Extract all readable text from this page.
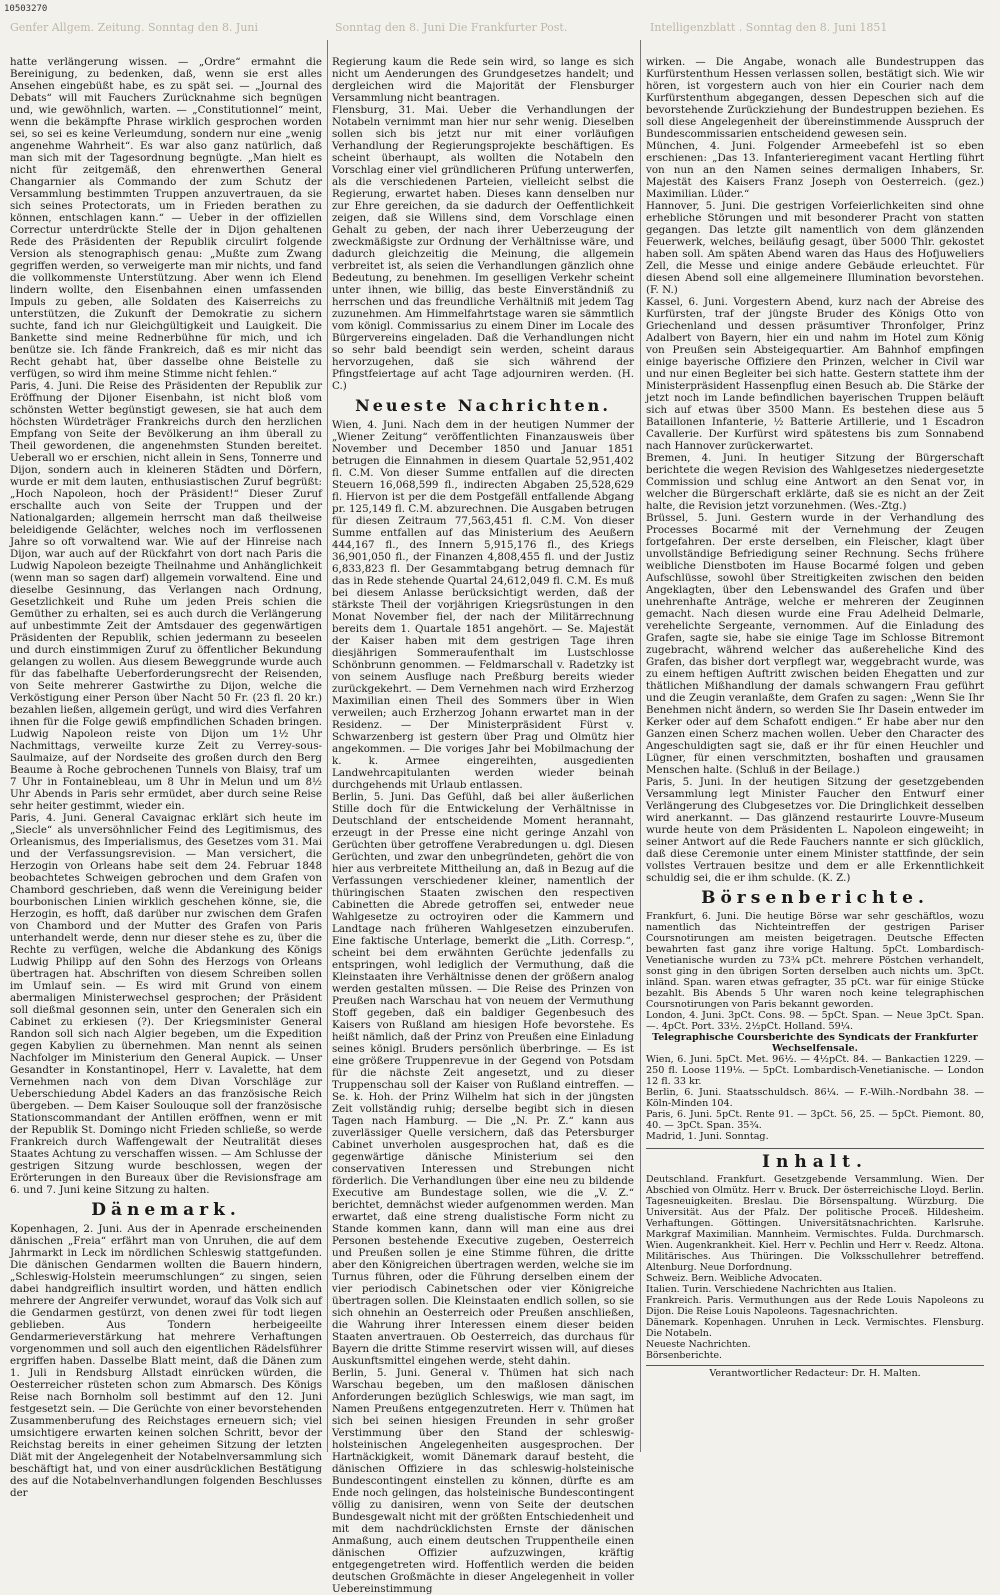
10503270
Genfer Allgem. Zeitung. Sonntag den 8. Juni	Sonntag den 8. Juni Die Frankfurter Post.	Intelligenzblatt . Sonntag den 8. Juni 1851

hatte verlängerung wissen. — „Ordre“ ermahnt die Bereinigung, zu bedenken, daß, wenn sie erst alles Ansehen eingebüßt habe, es zu spät sei. — „Journal des Debats“ will mit Fauchers Zurücknahme sich begnügen und, wie gewöhnlich, warten. — „Constitutionnel“ meint, wenn die bekämpfte Phrase wirklich gesprochen worden sei, so sei es keine Verleumdung, sondern nur eine „wenig angenehme Wahrheit“. Es war also ganz natürlich, daß man sich mit der Tagesordnung begnügte. „Man hielt es nicht für zeitgemäß, den ehrenwerthen General Changarnier als Commando der zum Schutz der Versammlung bestimmten Truppen anzuvertrauen, da sie sich seines Protectorats, um in Frieden berathen zu können, entschlagen kann.“ — Ueber in der offiziellen Correctur unterdrückte Stelle der in Dijon gehaltenen Rede des Präsidenten der Republik circulirt folgende Version als stenographisch genau: „Mußte zum Zwang gegriffen werden, so verweigerte man mir nichts, und fand die vollkommenste Unterstützung. Aber wenn ich Elend lindern wollte, den Eisenbahnen einen umfassenden Impuls zu geben, alle Soldaten des Kaiserreichs zu unterstützen, die Zukunft der Demokratie zu sichern suchte, fand ich nur Gleichgültigkeit und Lauigkeit. Die Bankette sind meine Rednerbühne für mich, und ich benütze sie. Ich fände Frankreich, daß es mir nicht das Recht gehabt hat, über dasselbe ohne Beistelle zu verfügen, so wird ihm meine Stimme nicht fehlen.“

Paris, 4. Juni. Die Reise des Präsidenten der Republik zur Eröffnung der Dijoner Eisenbahn, ist nicht bloß vom schönsten Wetter begünstigt gewesen, sie hat auch dem höchsten Würdeträger Frankreichs durch den herzlichen Empfang von Seite der Bevölkerung an ihm überall zu Theil gewordenen, die angenehmsten Stunden bereitet. Ueberall wo er erschien, nicht allein in Sens, Tonnerre und Dijon, sondern auch in kleineren Städten und Dörfern, wurde er mit dem lauten, enthusiastischen Zuruf begrüßt: „Hoch Napoleon, hoch der Präsident!“ Dieser Zuruf erschallte auch von Seite der Truppen und der Nationalgarden; allgemein herrscht man daß theilweise beleidigende Gelächter, welches noch im verflossenen Jahre so oft vorwaltend war. Wie auf der Hinreise nach Dijon, war auch auf der Rückfahrt von dort nach Paris die Ludwig Napoleon bezeigte Theilnahme und Anhänglichkeit (wenn man so sagen darf) allgemein vorwaltend. Eine und dieselbe Gesinnung, das Verlangen nach Ordnung, Gesetzlichkeit und Ruhe um jeden Preis schien die Gemüther zu erhalten, sei es auch durch die Verlängerung auf unbestimmte Zeit der Amtsdauer des gegenwärtigen Präsidenten der Republik, schien jedermann zu beseelen und durch einstimmigen Zuruf zu öffentlicher Bekundung gelangen zu wollen. Aus diesem Beweggrunde wurde auch für das fabelhafte Ueberforderungsrecht der Reisenden, von Seite mehrerer Gastwirthe zu Dijon, welche die Verköstigung einer Person über Nacht 50 Fr. (23 fl. 20 kr.) bezahlen ließen, allgemein gerügt, und wird dies Verfahren ihnen für die Folge gewiß empfindlichen Schaden bringen. Ludwig Napoleon reiste von Dijon um 1½ Uhr Nachmittags, verweilte kurze Zeit zu Verrey-sous-Saulmaize, auf der Nordseite des großen durch den Berg Beaume à Roche gebrochenen Tunnels von Blaisy, traf um 7 Uhr in Fontainebleau, um 8 Uhr in Melun und um 8½ Uhr Abends in Paris sehr ermüdet, aber durch seine Reise sehr heiter gestimmt, wieder ein.

Paris, 4. Juni. General Cavaignac erklärt sich heute im „Siecle“ als unversöhnlicher Feind des Legitimismus, des Orleanismus, des Imperialismus, des Gesetzes vom 31. Mai und der Verfassungsrevision. — Man versichert, die Herzogin von Orleans habe seit dem 24. Februar 1848 beobachtetes Schweigen gebrochen und dem Grafen von Chambord geschrieben, daß wenn die Vereinigung beider bourbonischen Linien wirklich geschehen könne, sie, die Herzogin, es hofft, daß darüber nur zwischen dem Grafen von Chambord und der Mutter des Grafen von Paris unterhandelt werde, denn nur dieser stehe es zu, über die Rechte zu verfügen, welche die Abdankung des Königs Ludwig Philipp auf den Sohn des Herzogs von Orleans übertragen hat. Abschriften von diesem Schreiben sollen im Umlauf sein. — Es wird mit Grund von einem abermaligen Ministerwechsel gesprochen; der Präsident soll dießmal gesonnen sein, unter den Generalen sich ein Cabinet zu erkiesen (?). Der Kriegsminister General Randon soll sich nach Algier begeben, um die Expedition gegen Kabylien zu übernehmen. Man nennt als seinen Nachfolger im Ministerium den General Aupick. — Unser Gesandter in Konstantinopel, Herr v. Lavalette, hat dem Vernehmen nach von dem Divan Vorschläge zur Ueberschiedung Abdel Kaders an das französische Reich übergeben. — Dem Kaiser Soulouque soll der französische Stationscommandant der Antillen eröffnen, wenn er mit der Republik St. Domingo nicht Frieden schließe, so werde Frankreich durch Waffengewalt der Neutralität dieses Staates Achtung zu verschaffen wissen. — Am Schlusse der gestrigen Sitzung wurde beschlossen, wegen der Erörterungen in den Bureaux über die Revisionsfrage am 6. und 7. Juni keine Sitzung zu halten.

Dänemark.

Kopenhagen, 2. Juni. Aus der in Apenrade erscheinenden dänischen „Freia“ erfährt man von Unruhen, die auf dem Jahrmarkt in Leck im nördlichen Schleswig stattgefunden. Die dänischen Gendarmen wollten die Bauern hindern, „Schleswig-Holstein meerumschlungen“ zu singen, seien dabei handgreiflich insultirt worden, und hätten endlich mehrere der Angreifer verwundet, worauf das Volk sich auf die Gendarmen gestürzt, von denen zwei für todt liegen geblieben. Aus Tondern herbeigeeilte Gendarmerieverstärkung hat mehrere Verhaftungen vorgenommen und soll auch den eigentlichen Rädelsführer ergriffen haben. Dasselbe Blatt meint, daß die Dänen zum 1. Juli in Rendsburg Allstadt einrücken würden, die Oesterreicher rüsteten schon zum Abmarsch. Des Königs Reise nach Bornholm soll bestimmt auf den 12. Juni festgesetzt sein. — Die Gerüchte von einer bevorstehenden Zusammenberufung des Reichstages erneuern sich; viel umsichtigere erwarten keinen solchen Schritt, bevor der Reichstag bereits in einer geheimen Sitzung der letzten Diät mit der Angelegenheit der Notabelnversammlung sich beschäftigt hat, und von einer ausdrücklichen Bestätigung des auf die Notabelnverhandlungen folgenden Beschlusses der

Regierung kaum die Rede sein wird, so lange es sich nicht um Aenderungen des Grundgesetzes handelt; und dergleichen wird die Majorität der Flensburger Versammlung nicht beantragen.

Flensburg, 31. Mai. Ueber die Verhandlungen der Notabeln vernimmt man hier nur sehr wenig. Dieselben sollen sich bis jetzt nur mit einer vorläufigen Verhandlung der Regierungsprojekte beschäftigen. Es scheint überhaupt, als wollten die Notabeln den Vorschlag einer viel gründlicheren Prüfung unterwerfen, als die verschiedenen Parteien, vielleicht selbst die Regierung, erwartet haben. Dieses kann denselben nur zur Ehre gereichen, da sie dadurch der Oeffentlichkeit zeigen, daß sie Willens sind, dem Vorschlage einen Gehalt zu geben, der nach ihrer Ueberzeugung der zweckmäßigste zur Ordnung der Verhältnisse wäre, und dadurch gleichzeitig die Meinung, die allgemein verbreitet ist, als seien die Verhandlungen gänzlich ohne Bedeutung, zu benehmen. Im geselligen Verkehr scheint unter ihnen, wie billig, das beste Einverständniß zu herrschen und das freundliche Verhältniß mit jedem Tag zuzunehmen. Am Himmelfahrtstage waren sie sämmtlich vom königl. Commissarius zu einem Diner im Locale des Bürgervereins eingeladen. Daß die Verhandlungen nicht so sehr bald beendigt sein werden, scheint daraus hervorzugehen, daß sie sich während der Pfingstfeiertage auf acht Tage adjourniren werden. (H. C.)

Neueste Nachrichten.

Wien, 4. Juni. Nach dem in der heutigen Nummer der „Wiener Zeitung“ veröffentlichten Finanzausweis über November und December 1850 und Januar 1851 betrugen die Einnahmen in diesem Quartale 52,951,402 fl. C.M. Von dieser Summe entfallen auf die directen Steuern 16,068,599 fl., indirecten Abgaben 25,528,629 fl. Hiervon ist per die dem Postgefäll entfallende Abgang pr. 125,149 fl. C.M. abzurechnen. Die Ausgaben betrugen für diesen Zeitraum 77,563,451 fl. C.M. Von dieser Summe entfallen auf das Ministerium des Aeußern 444,167 fl., des Innern 5,915,176 fl., des Kriegs 36,901,050 fl., der Finanzen 4,808,455 fl. und der Justiz 6,833,823 fl. Der Gesammtabgang betrug demnach für das in Rede stehende Quartal 24,612,049 fl. C.M. Es muß bei diesem Anlasse berücksichtigt werden, daß der stärkste Theil der vorjährigen Kriegsrüstungen in den Monat November fiel, der nach der Militärrechnung bereits dem 1. Quartale 1851 angehört. — Se. Majestät der Kaiser haben mit dem gestrigen Tage ihren diesjährigen Sommeraufenthalt im Lustschlosse Schönbrunn genommen. — Feldmarschall v. Radetzky ist von seinem Ausfluge nach Preßburg bereits wieder zurückgekehrt. — Dem Vernehmen nach wird Erzherzog Maximilian einen Theil des Sommers über in Wien verweilen; auch Erzherzog Johann erwartet man in der Residenz. — Der Ministerpräsident Fürst v. Schwarzenberg ist gestern über Prag und Olmütz hier angekommen. — Die voriges Jahr bei Mobilmachung der k. k. Armee eingereihten, ausgedienten Landwehrcapitulanten werden wieder beinah durchgehends mit Urlaub entlassen.

Berlin, 5. Juni. Das Gefühl, daß bei aller äußerlichen Stille doch für die Entwickelung der Verhältnisse in Deutschland der entscheidende Moment herannaht, erzeugt in der Presse eine nicht geringe Anzahl von Gerüchten über getroffene Verabredungen u. dgl. Diesen Gerüchten, und zwar den unbegründeten, gehört die von hier aus verbreitete Mittheilung an, daß in Bezug auf die Verfassungen verschiedener kleiner, namentlich der thüringischen Staaten zwischen den respectiven Cabinetten die Abrede getroffen sei, entweder neue Wahlgesetze zu octroyiren oder die Kammern und Landtage nach früheren Wahlgesetzen einzuberufen. Eine faktische Unterlage, bemerkt die „Lith. Corresp.“, scheint bei dem erwähnten Gerüchte jedenfalls zu entspringen, wohl lediglich der Vermuthung, daß die Kleinstaaten ihre Verhältnisse denen der größern analog werden gestalten müssen. — Die Reise des Prinzen von Preußen nach Warschau hat von neuem der Vermuthung Stoff gegeben, daß ein baldiger Gegenbesuch des Kaisers von Rußland am hiesigen Hofe bevorstehe. Es heißt nämlich, daß der Prinz von Preußen eine Einladung seines königl. Bruders persönlich überbringe. — Es ist eine größere Truppenrevue in der Gegend von Potsdam für die nächste Zeit angesetzt, und zu dieser Truppenschau soll der Kaiser von Rußland eintreffen. — Se. k. Hoh. der Prinz Wilhelm hat sich in der jüngsten Zeit vollständig ruhig; derselbe begibt sich in diesen Tagen nach Hamburg. — Die „N. Pr. Z.“ kann aus zuverlässiger Quelle versichern, daß das Petersburger Cabinet unverholen ausgesprochen hat, daß es die gegenwärtige dänische Ministerium sei den conservativen Interessen und Strebungen nicht förderlich. Die Verhandlungen über eine neu zu bildende Executive am Bundestage sollen, wie die „V. Z.“ berichtet, demnächst wieder aufgenommen werden. Man erwartet, daß eine streng dualistische Form nicht zu Stande kommen kann, dann will man eine aus drei Personen bestehende Executive zugeben, Oesterreich und Preußen sollen je eine Stimme führen, die dritte aber den Königreichen übertragen werden, welche sie im Turnus führen, oder die Führung derselben einem der vier periodisch Cabinetschen oder vier Königreiche übertragen sollen. Die Kleinstaaten endlich sollen, so sie sich ohnehin an Oesterreich oder Preußen anschließen, die Wahrung ihrer Interessen einem dieser beiden Staaten anvertrauen. Ob Oesterreich, das durchaus für Bayern die dritte Stimme reservirt wissen will, auf dieses Auskunftsmittel eingehen werde, steht dahin.

Berlin, 5. Juni. General v. Thümen hat sich nach Warschau begeben, um den maßlosen dänischen Anforderungen bezüglich Schleswigs, wie man sagt, im Namen Preußens entgegenzutreten. Herr v. Thümen hat sich bei seinen hiesigen Freunden in sehr großer Verstimmung über den Stand der schleswig-holsteinischen Angelegenheiten ausgesprochen. Der Hartnäckigkeit, womit Dänemark darauf besteht, die dänischen Offiziere in das schleswig-holsteinische Bundescontingent einstellen zu können, dürfte es am Ende noch gelingen, das holsteinische Bundescontingent völlig zu danisiren, wenn von Seite der deutschen Bundesgewalt nicht mit der größten Entschiedenheit und mit dem nachdrücklichsten Ernste der dänischen Anmaßung, auch einem deutschen Truppentheile einen dänischen Offizier aufzuzwingen, kräftig entgegengetreten wird. Hoffentlich werden die beiden deutschen Großmächte in dieser Angelegenheit in voller Uebereinstimmung

wirken. — Die Angabe, wonach alle Bundestruppen das Kurfürstenthum Hessen verlassen sollen, bestätigt sich. Wie wir hören, ist vorgestern auch von hier ein Courier nach dem Kurfürstenthum abgegangen, dessen Depeschen sich auf die bevorstehende Zurückziehung der Bundestruppen beziehen. Es soll diese Angelegenheit der übereinstimmende Ausspruch der Bundescommissarien entscheidend gewesen sein.

München, 4. Juni. Folgender Armeebefehl ist so eben erschienen: „Das 13. Infanterieregiment vacant Hertling führt von nun an den Namen seines dermaligen Inhabers, Sr. Majestät des Kaisers Franz Joseph von Oesterreich. (gez.) Maximilian. Lüder.“

Hannover, 5. Juni. Die gestrigen Vorfeierlichkeiten sind ohne erhebliche Störungen und mit besonderer Pracht von statten gegangen. Das letzte gilt namentlich von dem glänzenden Feuerwerk, welches, beiläufig gesagt, über 5000 Thlr. gekostet haben soll. Am späten Abend waren das Haus des Hofjuweliers Zell, die Messe und einige andere Gebäude erleuchtet. Für diesen Abend soll eine allgemeinere Illumination bevorstehen. (F. N.)

Kassel, 6. Juni. Vorgestern Abend, kurz nach der Abreise des Kurfürsten, traf der jüngste Bruder des Königs Otto von Griechenland und dessen präsumtiver Thronfolger, Prinz Adalbert von Bayern, hier ein und nahm im Hotel zum König von Preußen sein Absteigequartier. Am Bahnhof empfingen einige bayerische Offiziere den Prinzen, welcher in Civil war und nur einen Begleiter bei sich hatte. Gestern stattete ihm der Ministerpräsident Hassenpflug einen Besuch ab. Die Stärke der jetzt noch im Lande befindlichen bayerischen Truppen beläuft sich auf etwas über 3500 Mann. Es bestehen diese aus 5 Bataillonen Infanterie, ½ Batterie Artillerie, und 1 Escadron Cavallerie. Der Kurfürst wird spätestens bis zum Sonnabend nach Hannover zurückerwartet.

Bremen, 4. Juni. In heutiger Sitzung der Bürgerschaft berichtete die wegen Revision des Wahlgesetzes niedergesetzte Commission und schlug eine Antwort an den Senat vor, in welcher die Bürgerschaft erklärte, daß sie es nicht an der Zeit halte, die Revision jetzt vorzunehmen. (Wes.-Ztg.)

Brüssel, 5. Juni. Gestern wurde in der Verhandlung des Processes Bocarmé mit der Vernehmung der Zeugen fortgefahren. Der erste derselben, ein Fleischer, klagt über unvollständige Befriedigung seiner Rechnung. Sechs frühere weibliche Dienstboten im Hause Bocarmé folgen und geben Aufschlüsse, sowohl über Streitigkeiten zwischen den beiden Angeklagten, über den Lebenswandel des Grafen und über unehrenhafte Anträge, welche er mehreren der Zeuginnen gemacht. Nach diesen wurde eine Frau Adelheid Delmarle, verehelichte Sergeante, vernommen. Auf die Einladung des Grafen, sagte sie, habe sie einige Tage im Schlosse Bitremont zugebracht, während welcher das außereheliche Kind des Grafen, das bisher dort verpflegt war, weggebracht wurde, was zu einem heftigen Auftritt zwischen beiden Ehegatten und zur thätlichen Mißhandlung der damals schwangern Frau geführt und die Zeugin veranlaßte, dem Grafen zu sagen: „Wenn Sie Ihr Benehmen nicht ändern, so werden Sie Ihr Dasein entweder im Kerker oder auf dem Schafott endigen.“ Er habe aber nur den Ganzen einen Scherz machen wollen. Ueber den Character des Angeschuldigten sagt sie, daß er ihr für einen Heuchler und Lügner, für einen verschmitzten, boshaften und grausamen Menschen halte. (Schluß in der Beilage.)

Paris, 5. Juni. In der heutigen Sitzung der gesetzgebenden Versammlung legt Minister Faucher den Entwurf einer Verlängerung des Clubgesetzes vor. Die Dringlichkeit desselben wird anerkannt. — Das glänzend restaurirte Louvre-Museum wurde heute von dem Präsidenten L. Napoleon eingeweiht; in seiner Antwort auf die Rede Fauchers nannte er sich glücklich, daß diese Ceremonie unter einem Minister stattfinde, der sein vollstes Vertrauen besitze und dem er alle Erkenntlichkeit schuldig sei, die er ihm schulde. (K. Z.)

Börsenberichte.

Frankfurt, 6. Juni. Die heutige Börse war sehr geschäftlos, wozu namentlich das Nichteintreffen der gestrigen Pariser Coursnotirungen am meisten beigetragen. Deutsche Effecten bewahrten fast ganz ihre vorige Haltung. 5pCt. Lombardisch-Venetianische wurden zu 73¾ pCt. mehrere Pöstchen verhandelt, sonst ging in den übrigen Sorten derselben auch nichts um. 3pCt. inländ. Span. waren etwas gefragter, 35 pCt. war für einige Stücke bezahlt. Bis Abends 5 Uhr waren noch keine telegraphischen Coursnotirungen von Paris bekannt geworden.

London, 4. Juni. 3pCt. Cons. 98. — 5pCt. Span. — Neue 3pCt. Span. —. 4pCt. Port. 33½. 2½pCt. Holland. 59¼.

Telegraphische Coursberichte des Syndicats der Frankfurter Wechselfensale.

Wien, 6. Juni. 5pCt. Met. 96½. — 4½pCt. 84. — Bankactien 1229. — 250 fl. Loose 119⅛. — 5pCt. Lombardisch-Venetianische. — London 12 fl. 33 kr.

Berlin, 6. Juni. Staatsschuldsch. 86¼. — F.-Wilh.-Nordbahn 38. — Köln-Minden 104.

Paris, 6. Juni. 5pCt. Rente 91. — 3pCt. 56, 25. — 5pCt. Piemont. 80, 40. — 3pCt. Span. 35¾.

Madrid, 1. Juni. Sonntag.

Inhalt.

Deutschland. Frankfurt. Gesetzgebende Versammlung. Wien. Der Abschied von Olmütz. Herr v. Bruck. Der österreichische Lloyd. Berlin. Tagesneuigkeiten. Breslau. Die Börsenspaltung. Würzburg. Die Universität. Aus der Pfalz. Der politische Proceß. Hildesheim. Verhaftungen. Göttingen. Universitätsnachrichten. Karlsruhe. Markgraf Maximilian. Mannheim. Vermischtes. Fulda. Durchmarsch. Wien. Augenkrankheit. Kiel. Herr v. Pechlin und Herr v. Reedz. Altona. Militärisches. Aus Thüringen. Die Volksschullehrer betreffend. Altenburg. Neue Dorfordnung.

Schweiz. Bern. Weibliche Advocaten.

Italien. Turin. Verschiedene Nachrichten aus Italien.

Frankreich. Paris. Vermuthungen aus der Rede Louis Napoleons zu Dijon. Die Reise Louis Napoleons. Tagesnachrichten.

Dänemark. Kopenhagen. Unruhen in Leck. Vermischtes. Flensburg. Die Notabeln.

Neueste Nachrichten.

Börsenberichte.

Verantwortlicher Redacteur: Dr. H. Malten.
